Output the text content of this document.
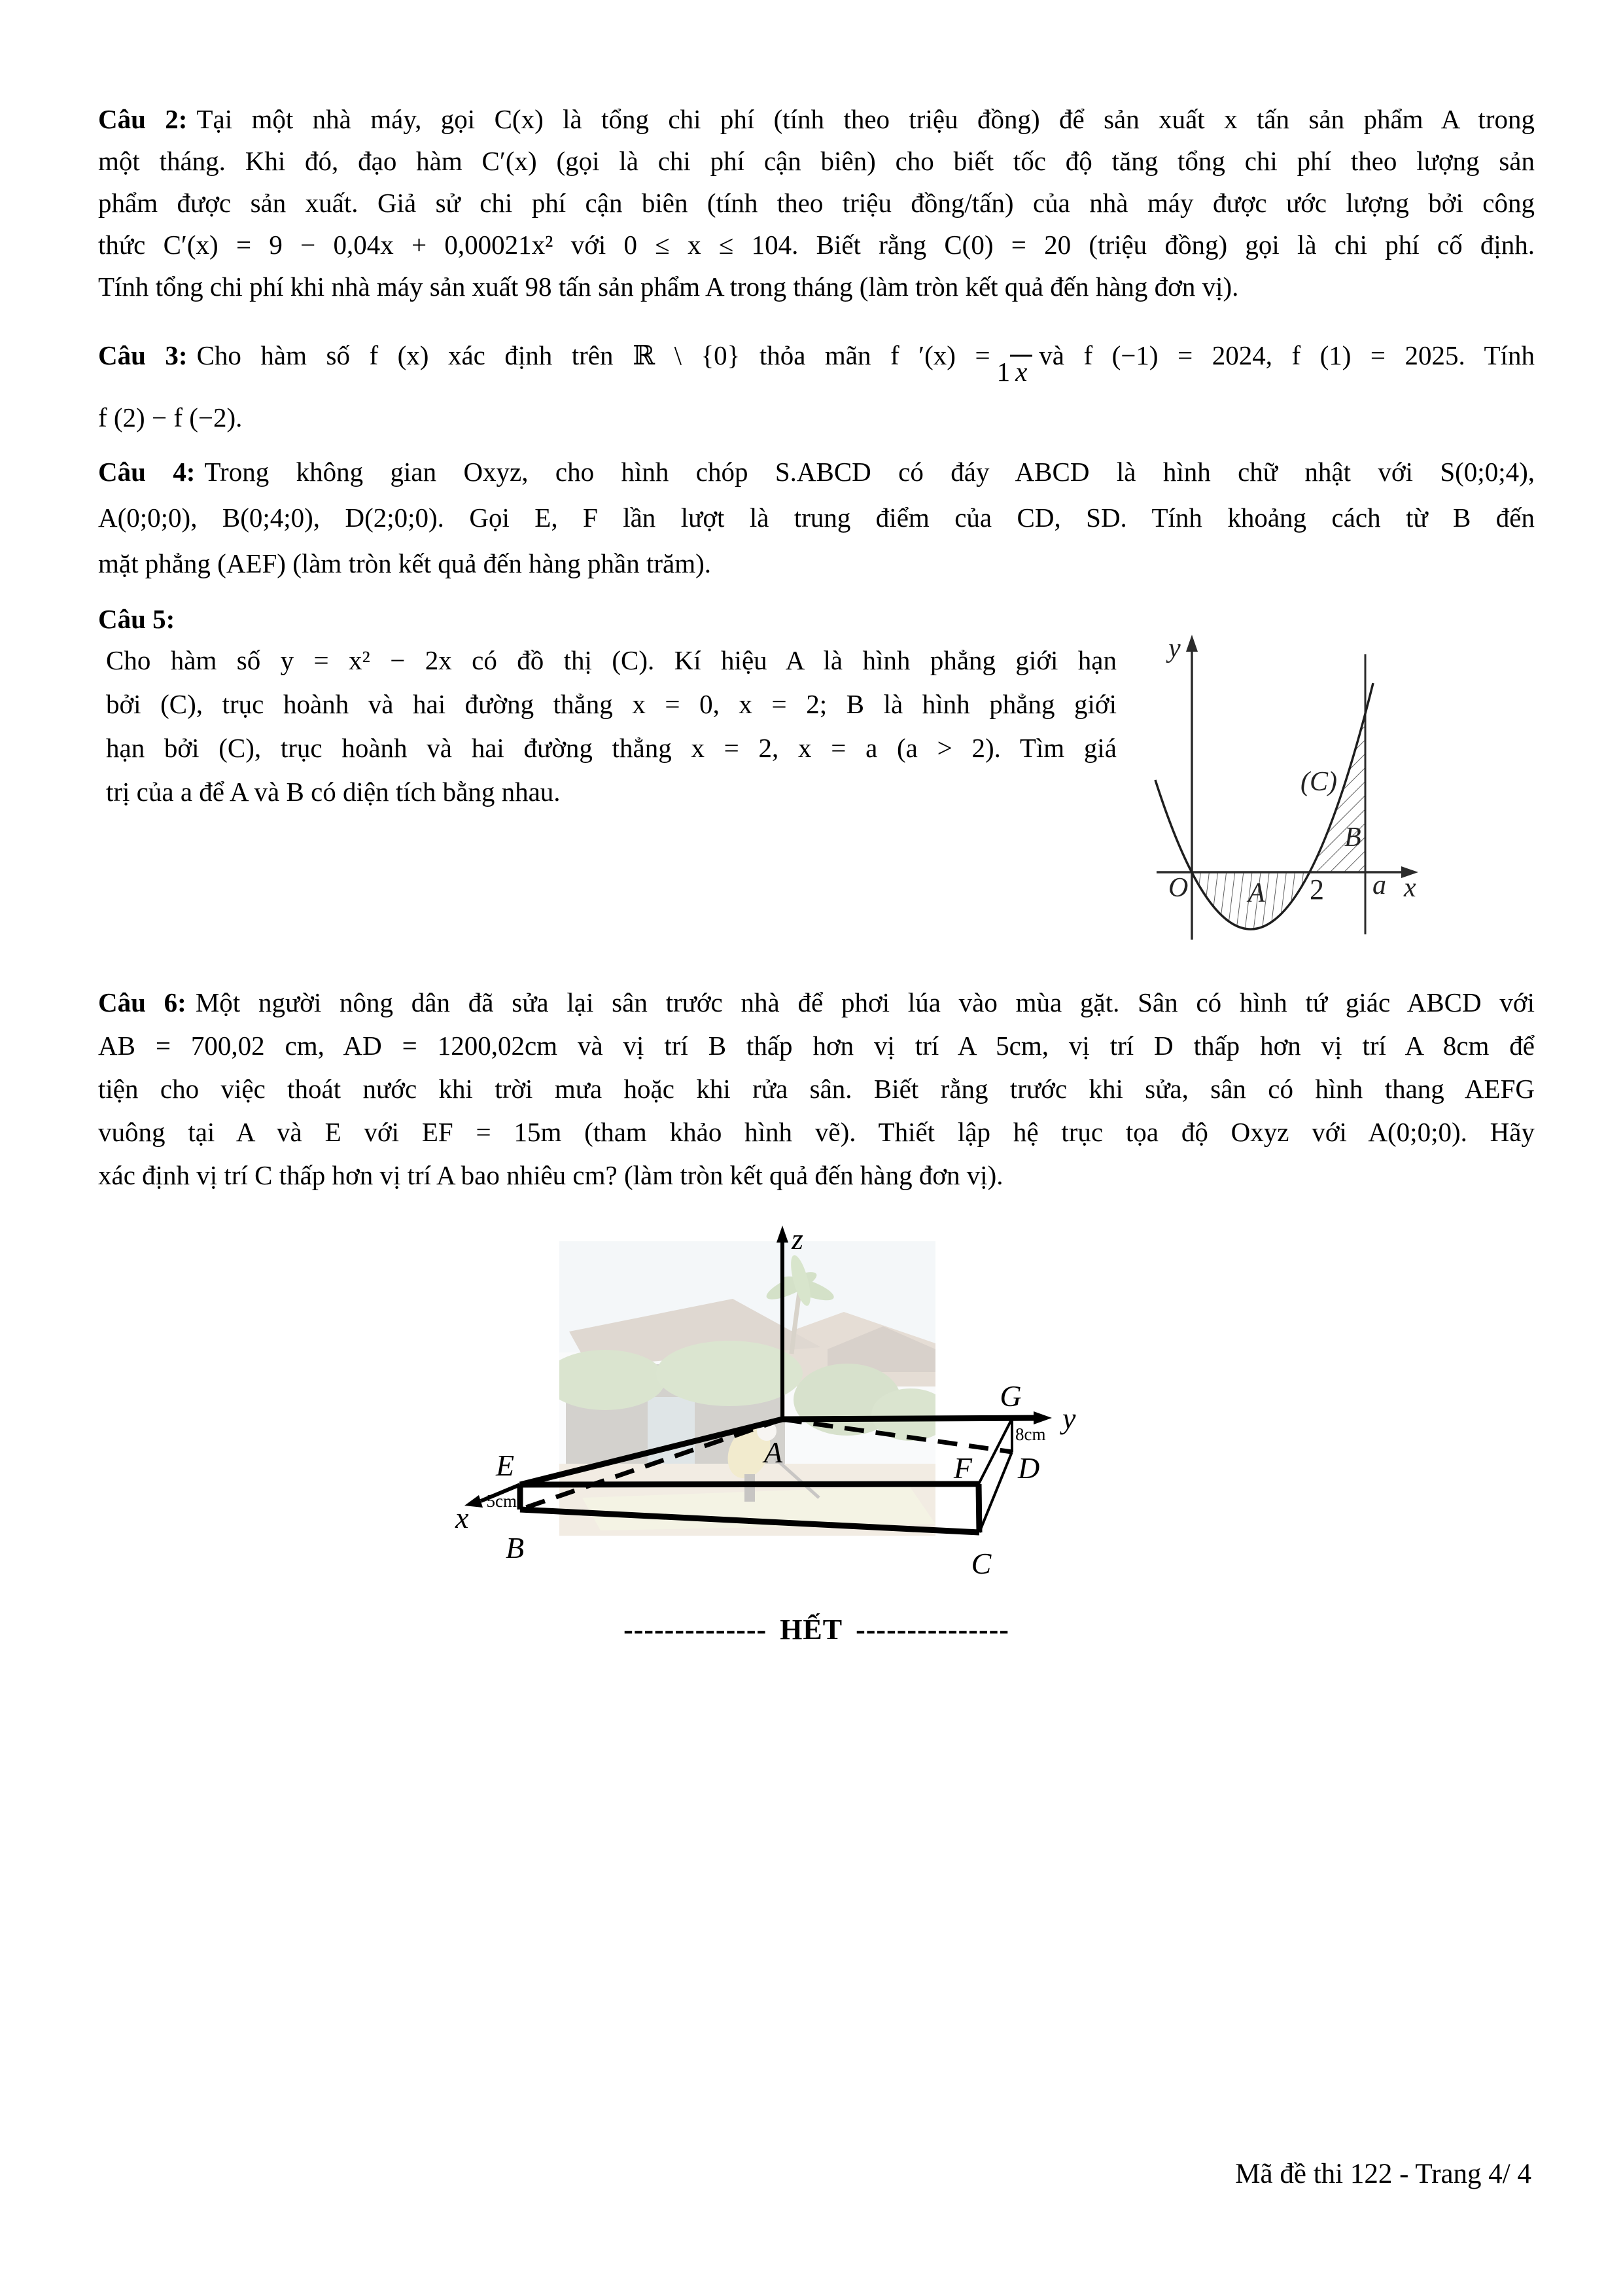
Câu 2: Tại một nhà máy, gọi C(x) là tổng chi phí (tính theo triệu đồng) để sản xuất x tấn sản phẩm A trong
một tháng. Khi đó, đạo hàm C′(x) (gọi là chi phí cận biên) cho biết tốc độ tăng tổng chi phí theo lượng sản
phẩm được sản xuất. Giả sử chi phí cận biên (tính theo triệu đồng/tấn) của nhà máy được ước lượng bởi công
thức C′(x) = 9 − 0,04x + 0,00021x² với 0 ≤ x ≤ 104. Biết rằng C(0) = 20 (triệu đồng) gọi là chi phí cố định.
Tính tổng chi phí khi nhà máy sản xuất 98 tấn sản phẩm A trong tháng (làm tròn kết quả đến hàng đơn vị).
Câu 3: Cho hàm số f (x) xác định trên ℝ \ {0} thỏa mãn f ′(x) =1 xvà f (−1) = 2024, f (1) = 2025. Tính
f (2) − f (−2).
Câu 4: Trong không gian Oxyz, cho hình chóp S.ABCD có đáy ABCD là hình chữ nhật với S(0;0;4),
A(0;0;0), B(0;4;0), D(2;0;0). Gọi E, F lần lượt là trung điểm của CD, SD. Tính khoảng cách từ B đến
mặt phẳng (AEF) (làm tròn kết quả đến hàng phần trăm).
Câu 5:
Cho hàm số y = x² − 2x có đồ thị (C). Kí hiệu A là hình phẳng giới hạn
bởi (C), trục hoành và hai đường thẳng x = 0, x = 2; B là hình phẳng giới
hạn bởi (C), trục hoành và hai đường thẳng x = 2, x = a (a > 2). Tìm giá
trị của a để A và B có diện tích bằng nhau.
y
x
O
(C)
B
A 2 a
Câu 6: Một người nông dân đã sửa lại sân trước nhà để phơi lúa vào mùa gặt. Sân có hình tứ giác ABCD với
AB = 700,02 cm, AD = 1200,02cm và vị trí B thấp hơn vị trí A 5cm, vị trí D thấp hơn vị trí A 8cm để
tiện cho việc thoát nước khi trời mưa hoặc khi rửa sân. Biết rằng trước khi sửa, sân có hình thang AEFG
vuông tại A và E với EF = 15m (tham khảo hình vẽ). Thiết lập hệ trục tọa độ Oxyz với A(0;0;0). Hãy
xác định vị trí C thấp hơn vị trí A bao nhiêu cm? (làm tròn kết quả đến hàng đơn vị).
z
y
x
A
E
B
G
F D
C
5cm
8cm
-------------- HẾT ---------------
Mã đề thi 122 - Trang 4/ 4
